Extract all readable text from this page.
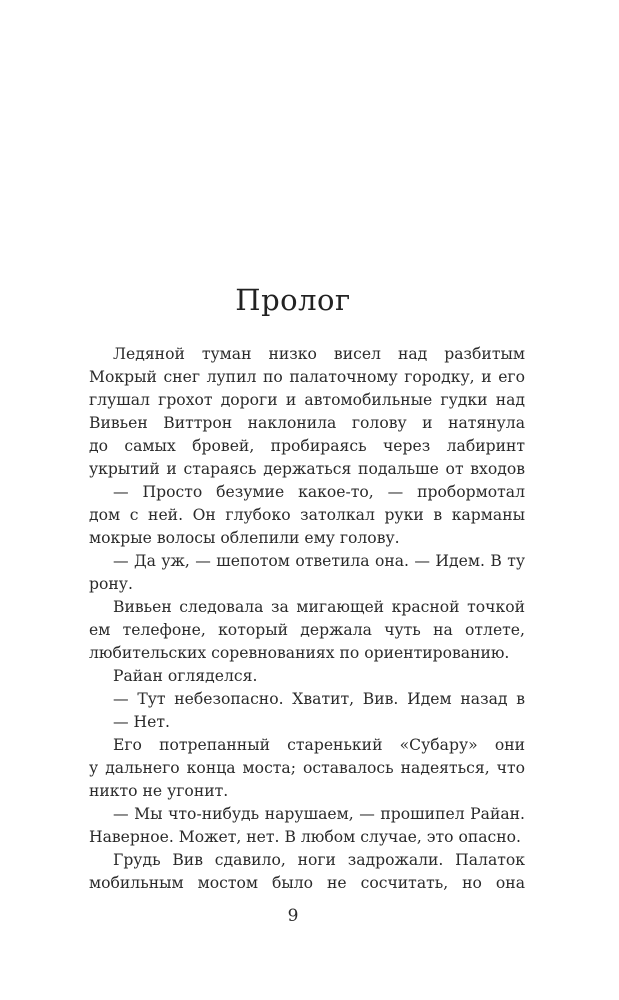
Пролог
Ледяной туман низко висел над разбитым
Мокрый снег лупил по палаточному городку, и его
глушал грохот дороги и автомобильные гудки над
Вивьен Виттрон наклонила голову и натянула
до самых бровей, пробираясь через лабиринт
укрытий и стараясь держаться подальше от входов
— Просто безумие какое-то, — пробормотал
дом с ней. Он глубоко затолкал руки в карманы
мокрые волосы облепили ему голову.
— Да уж, — шепотом ответила она. — Идем. В ту
рону.
Вивьен следовала за мигающей красной точкой
ем телефоне, который держала чуть на отлете,
любительских соревнованиях по ориентированию.
Райан огляделся.
— Тут небезопасно. Хватит, Вив. Идем назад в
— Нет.
Его потрепанный старенький «Субару» они
у дальнего конца моста; оставалось надеяться, что
никто не угонит.
— Мы что-нибудь нарушаем, — прошипел Райан.
Наверное. Может, нет. В любом случае, это опасно.
Грудь Вив сдавило, ноги задрожали. Палаток
мобильным мостом было не сосчитать, но она
9
